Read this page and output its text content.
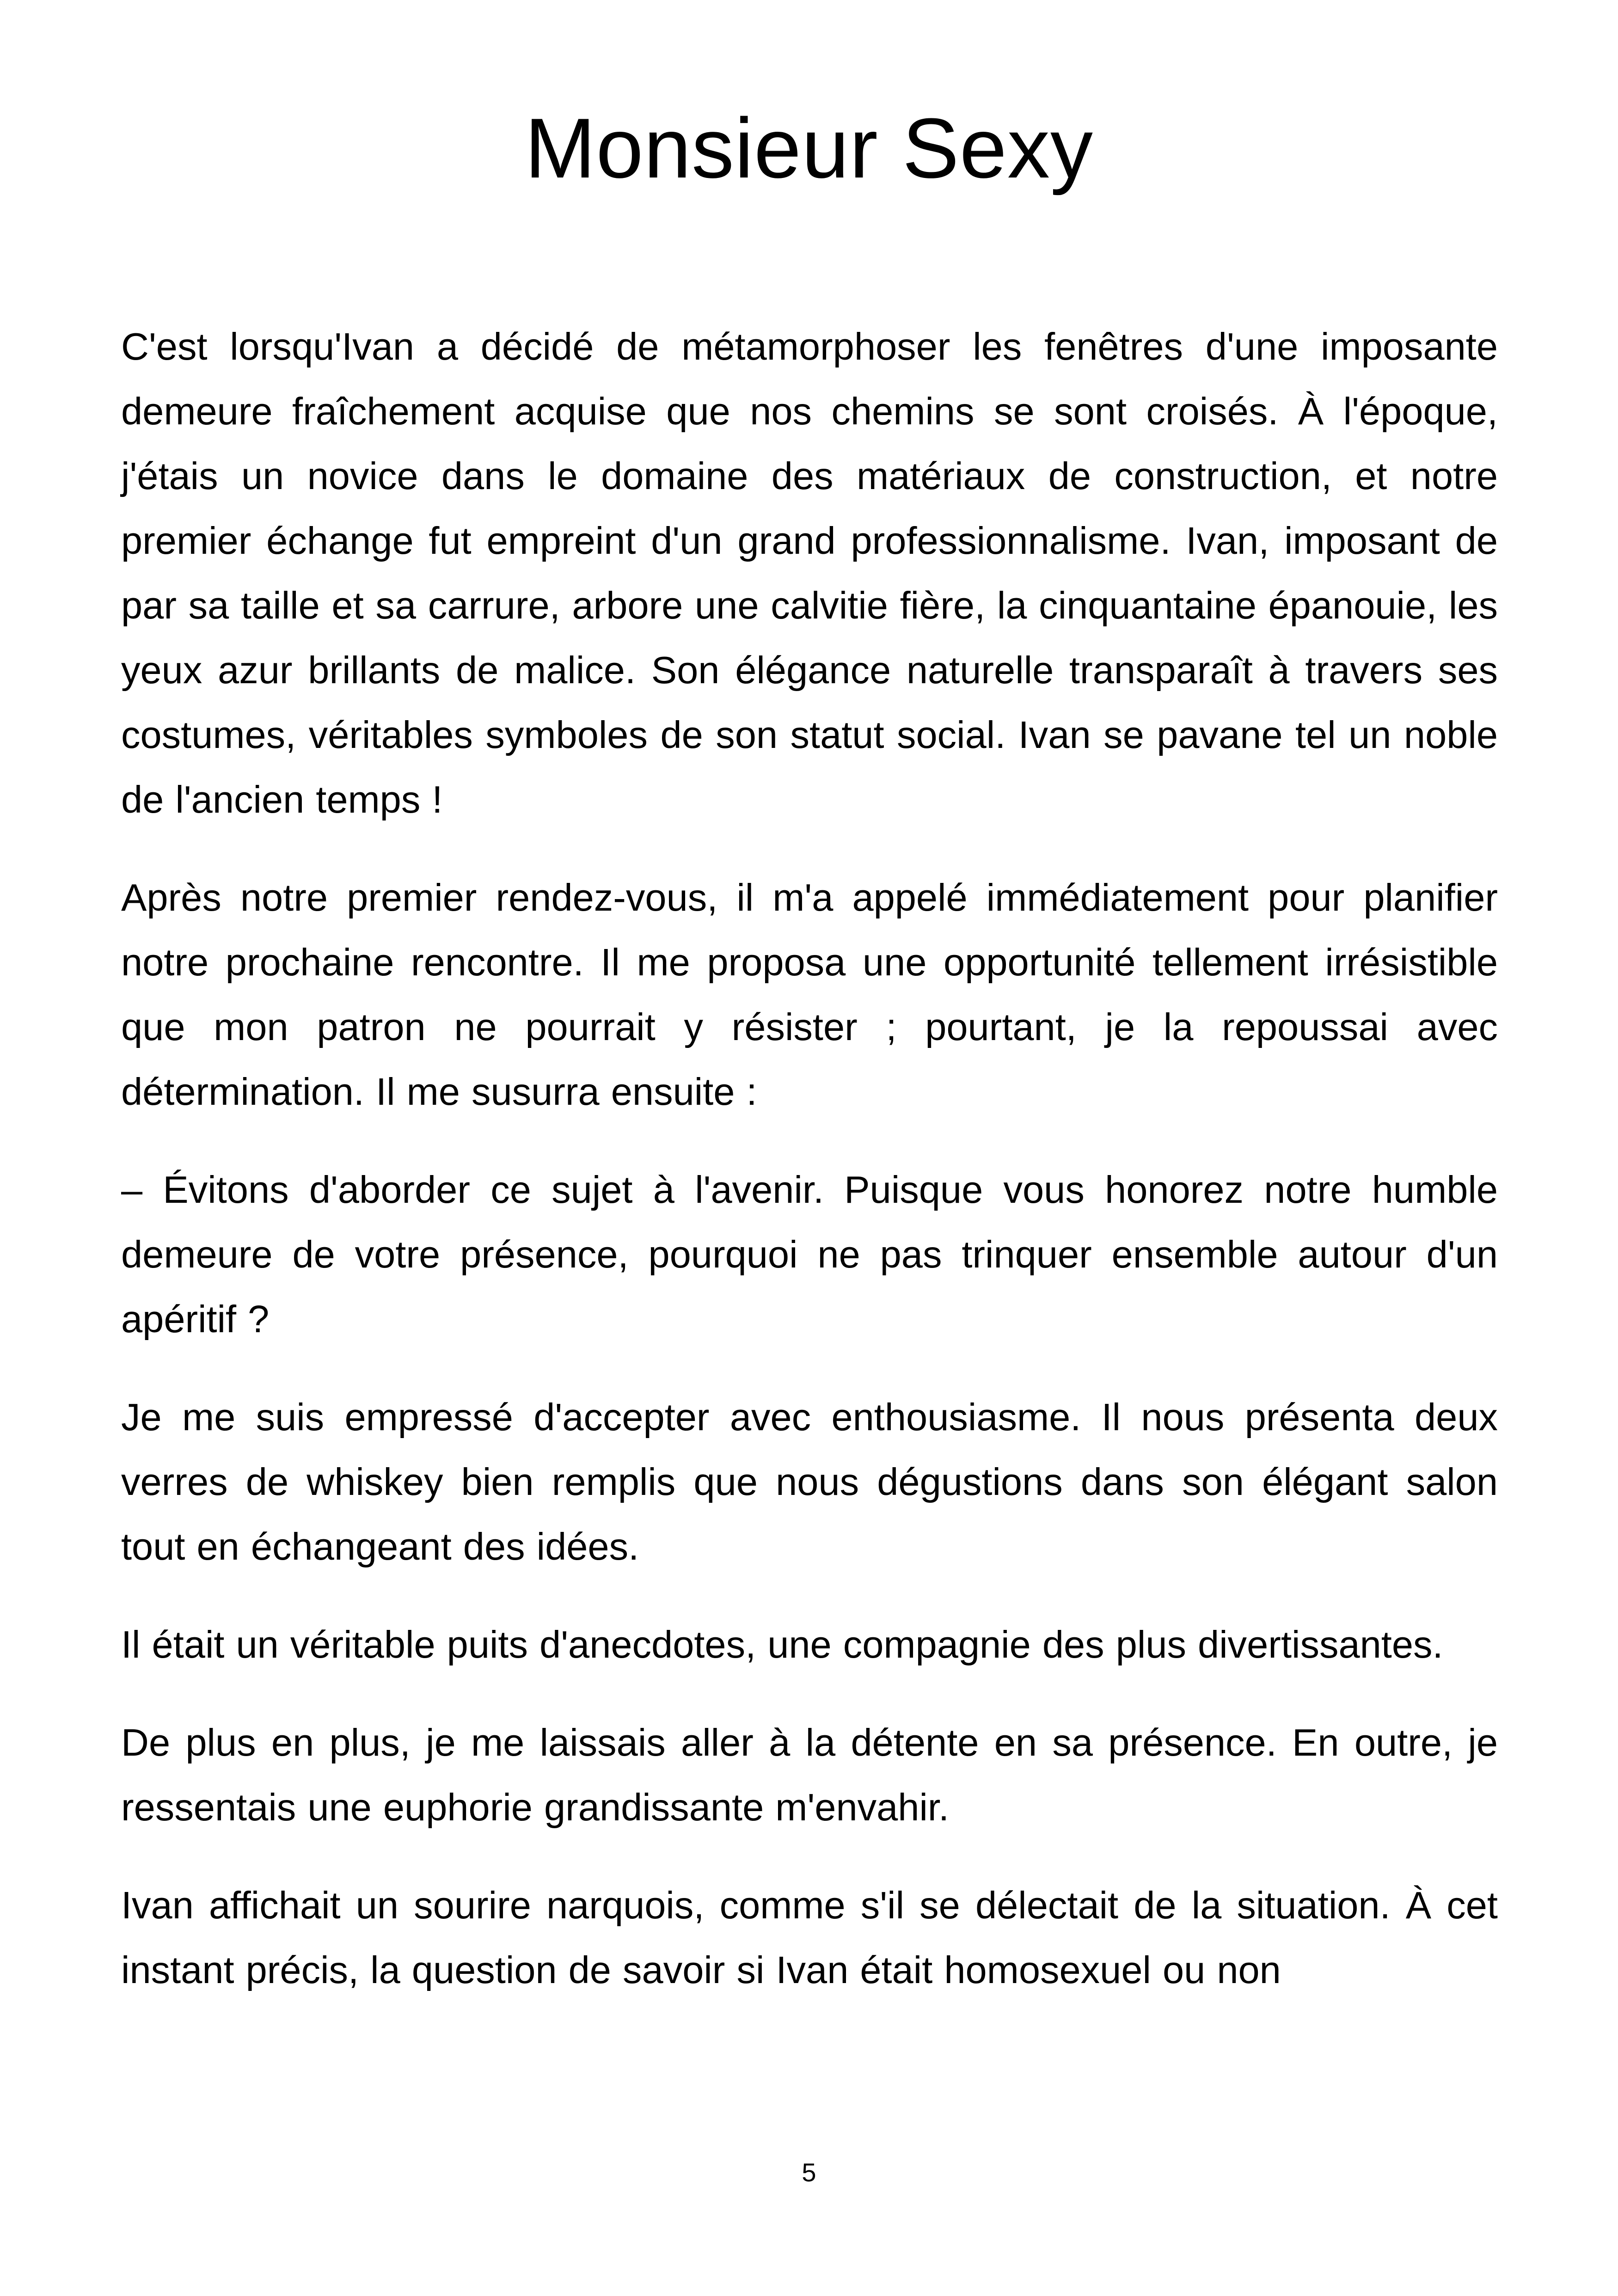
Monsieur Sexy

C'est lorsqu'Ivan a décidé de métamorphoser les fenêtres d'une imposante demeure fraîchement acquise que nos chemins se sont croisés. À l'époque, j'étais un novice dans le domaine des matériaux de construction, et notre premier échange fut empreint d'un grand professionnalisme. Ivan, imposant de par sa taille et sa carrure, arbore une calvitie fière, la cinquantaine épanouie, les yeux azur brillants de malice. Son élégance naturelle transparaît à travers ses costumes, véritables symboles de son statut social. Ivan se pavane tel un noble de l'ancien temps !

Après notre premier rendez-vous, il m'a appelé immédiatement pour planifier notre prochaine rencontre. Il me proposa une opportunité tellement irrésistible que mon patron ne pourrait y résister ; pourtant, je la repoussai avec détermination. Il me susurra ensuite :

– Évitons d'aborder ce sujet à l'avenir. Puisque vous honorez notre humble demeure de votre présence, pourquoi ne pas trinquer ensemble autour d'un apéritif ?

Je me suis empressé d'accepter avec enthousiasme. Il nous présenta deux verres de whiskey bien remplis que nous dégustions dans son élégant salon tout en échangeant des idées.

Il était un véritable puits d'anecdotes, une compagnie des plus divertissantes.

De plus en plus, je me laissais aller à la détente en sa présence. En outre, je ressentais une euphorie grandissante m'envahir.

Ivan affichait un sourire narquois, comme s'il se délectait de la situation. À cet instant précis, la question de savoir si Ivan était homosexuel ou non

5
